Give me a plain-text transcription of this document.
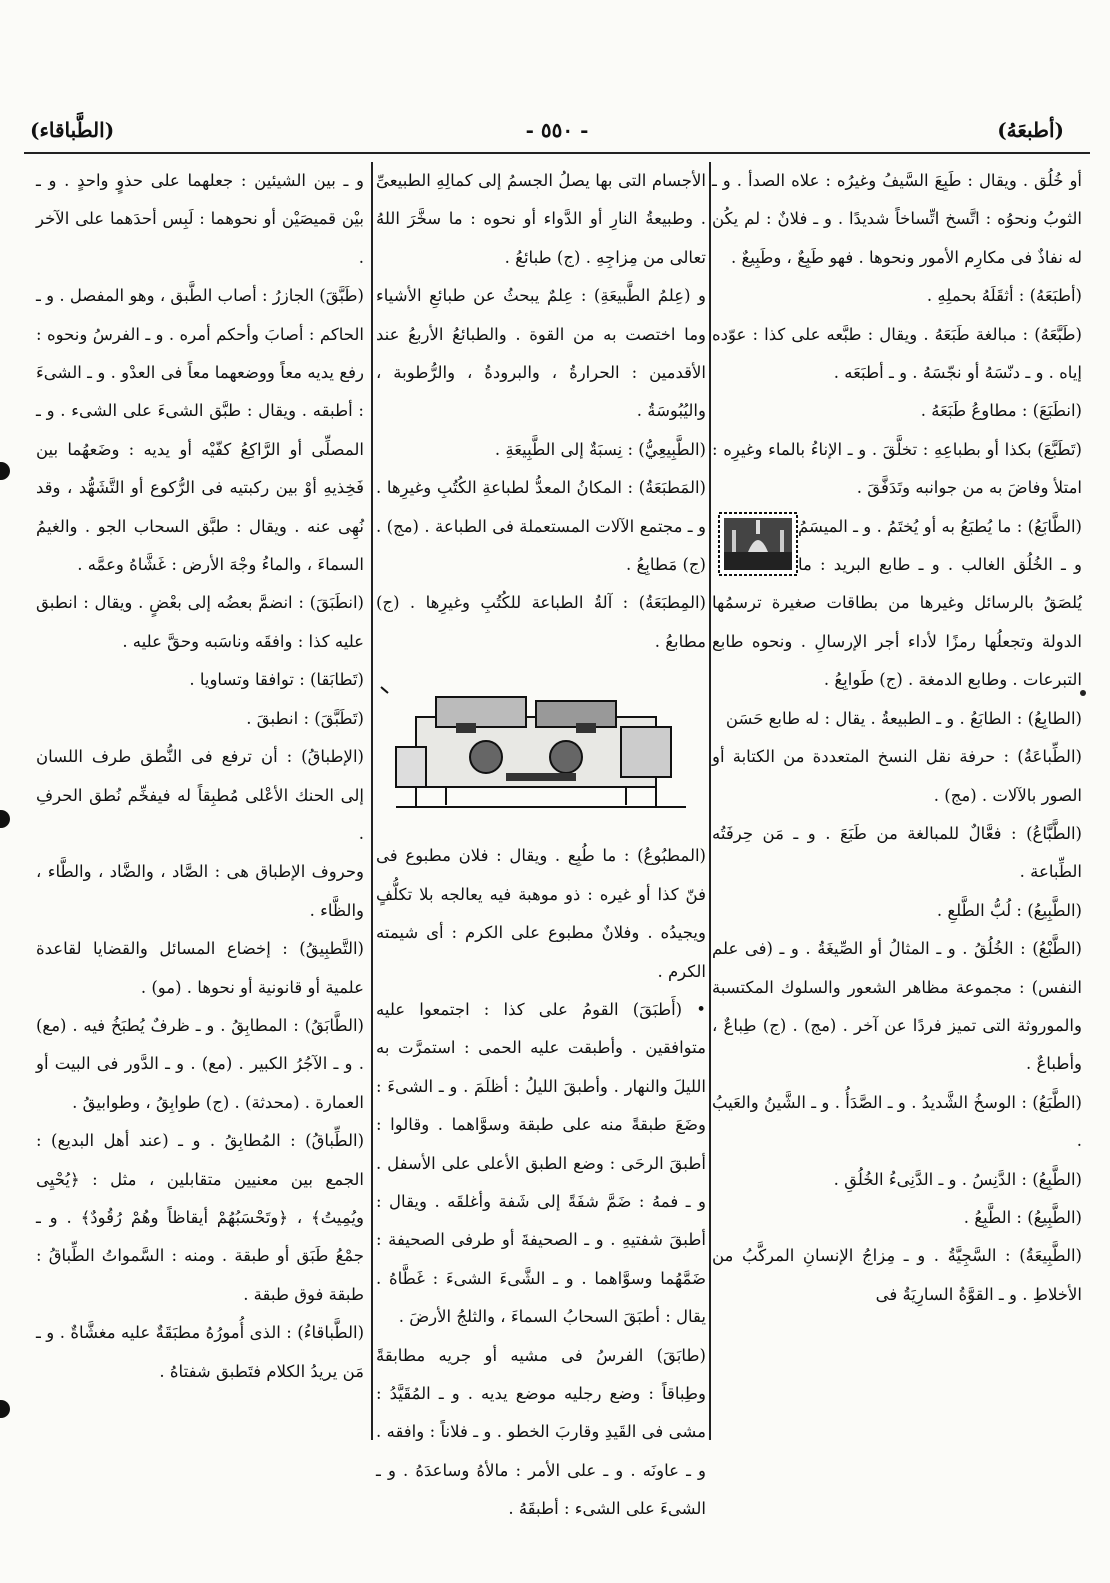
(أطبعَهُ)
- ٥٥٠ -
(الطَّباقاء)

أو خُلُق . ويقال : طَبِعَ السَّيفُ وغيرُه : علاه الصدأ . و ـ الثوبُ ونحوُه : اتَّسخ اتِّساخاً شديدًا . و ـ فلانٌ : لم يكُن له نفاذٌ فى مكارِم الأمور ونحوها . فهو طَبِعٌ ، وطَبِيعٌ .

(أطبَعَهُ) : أثقَلَهُ بحملِهِ .

(طَبَّعَهُ) : مبالغة طَبَعَهُ . ويقال : طبَّعه على كذا : عوّده إياه . و ـ دنّسَهُ أو نجّسَهُ . و ـ أطبَعَه .

(انطَبَعَ) : مطاوعُ طَبَعَهُ .

(تَطَبَّعَ) بكذا أو بطباعِهِ : تخلَّقَ . و ـ الإناءُ بالماء وغيرِه : امتلأ وفاضَ به من جوانبه وتَدَفَّقَ .

(الطَّابَعُ) : ما يُطبَعُ به أو يُختَمُ . و ـ الميسَمُ و ـ الخُلُق الغالب . و ـ طابع البريد : ما يُلصَقُ بالرسائل وغيرها من بطاقات صغيرة ترسمُها الدولة وتجعلُها رمزًا لأداء أجر الإرسالِ . ونحوه طابع التبرعات . وطابع الدمغة . (ج) طَوابِعُ .

(الطابِعُ) : الطابَعُ . و ـ الطبيعةُ . يقال : له طابع حَسَن

(الطِّباعَةُ) : حرفة نقل النسخ المتعددة من الكتابة أو الصور بالآلات . (مج) .

(الطَّبَّاعُ) : فعَّالٌ للمبالغة من طَبَعَ . و ـ مَن حِرفَتُه الطِّباعة .

(الطَّبِيعُ) : لُبُّ الطَّلعِ .

(الطَّبْعُ) : الخُلُقُ . و ـ المثالُ أو الصِّيغَةُ . و ـ (فى علم النفس) : مجموعة مظاهر الشعور والسلوك المكتسبة والموروثة التى تميز فردًا عن آخر . (مج) . (ج) طِباعٌ ، وأطباعٌ .

(الطَّبَعُ) : الوسخُ الشَّديدُ . و ـ الصَّدَأُ . و ـ الشَّينُ والعَيبُ .

(الطَّبِعُ) : الدَّنِسُ . و ـ الدَّنِىءُ الخُلُقِ .

(الطَّبِيعُ) : الطَّبِعُ .

(الطَّبِيعَةُ) : السَّجِيَّةُ . و ـ مِزاجُ الإنسانِ المركَّبُ من الأخلاطِ . و ـ القوَّةُ السارِيَةُ فى

الأجسام التى بها يصلُ الجسمُ إلى كمالِهِ الطبيعىِّ . وطبيعةُ النارِ أو الدَّواء أو نحوه : ما سخَّرَ اللهُ تعالى من مِزاجِهِ . (ج) طبائعُ .

و (عِلمُ الطَّبيعَةِ) : عِلمٌ يبحثُ عن طبائعِ الأشياء وما اختصت به من القوة . والطبائعُ الأربعُ عند الأقدمين : الحرارةُ ، والبرودةُ ، والرُّطوبة ، واليُبُوسَةُ .

(الطَّبِيعِيُّ) : نِسبَةٌ إلى الطَّبِيعَةِ .

(المَطبَعَةُ) : المكانُ المعدُّ لطباعةِ الكُتُبِ وغيرِها . و ـ مجتمع الآلات المستعملة فى الطباعة . (مج) . (ج) مَطابِعُ .

(المِطبَعَةُ) : آلةُ الطباعة للكُتُبِ وغيرِها . (ج) مطابعُ .

(المطبُوعُ) : ما طُبِع . ويقال : فلان مطبوع فى فنّ كذا أو غيره : ذو موهبة فيه يعالجه بلا تكلُّفٍ ويجيدُه . وفلانٌ مطبوع على الكرم : أى شيمته الكرم .

• (أَطبَقَ) القومُ على كذا : اجتمعوا عليه متوافقين . وأطبقت عليه الحمى : استمرَّت به الليلَ والنهار . وأطبقَ الليلُ : أظلَمَ . و ـ الشىءَ : وضَعَ طبقةً منه على طبقة وسوَّاهما . وقالوا : أطبقَ الرحَى : وضع الطبق الأعلى على الأسفل . و ـ فمهُ : ضَمَّ شفَةً إلى شَفة وأغلقَه . ويقال : أطبقَ شفتيهِ . و ـ الصحيفةَ أو طرفى الصحيفة : ضَمَّهُما وسوَّاهما . و ـ الشَّىءَ الشىءَ : غَطَّاهُ . يقال : أطبَقَ السحابُ السماءَ ، والثلجُ الأرضَ .

(طابَقَ) الفرسُ فى مشيه أو جريه مطابقةً وطِباقاً : وضع رجليه موضع يديه . و ـ المُقَيَّدُ : مشى فى القَيدِ وقاربَ الخطو . و ـ فلاناً : وافقه . و ـ عاونَه . و ـ على الأمر : مالأهُ وساعدَهُ . و ـ الشىءَ على الشىء : أطبقَهُ .

و ـ بين الشيئين : جعلهما على حذوٍ واحدٍ . و ـ بيْن قميصَيْن أو نحوهما : لَبِس أحدَهما على الآخر .

(طَبَّقَ) الجازرُ : أصاب الطَّبق ، وهو المفصل . و ـ الحاكم : أصابَ وأحكم أمره . و ـ الفرسُ ونحوه : رفع يديه معاً ووضعهما معاً فى العدْو . و ـ الشىءَ : أطبقه . ويقال : طبَّق الشىءَ على الشىء . و ـ المصلِّى أو الرَّاكِعُ كفّيْه أو يديه : وضَعهُما بين فَخِذيهِ أوْ بين ركبتيه فى الرُّكوع أو التَّشَهُّد ، وقد نُهِى عنه . ويقال : طبَّق السحاب الجو . والغيمُ السماءَ ، والماءُ وجْهَ الأرض : غَشَّاهُ وعمَّه .

(انطَبَقَ) : انضمَّ بعضُه إلى بعْضٍ . ويقال : انطبق عليه كذا : وافقَه وناسَبه وحقَّ عليه .

(تَطابَقا) : توافقا وتساويا .

(تَطَبَّقَ) : انطبقَ .

(الإطباقُ) : أن ترفع فى النُّطق طرف اللسان إلى الحنك الأعْلى مُطبِقاً له فيفخِّم نُطق الحرفِ .

وحروف الإطباق هى : الصَّاد ، والضَّاد ، والطَّاء ، والظَّاء .

(التَّطبِيقُ) : إخضاع المسائل والقضايا لقاعدة علمية أو قانونية أو نحوها . (مو) .

(الطَّابَقُ) : المطابِقُ . و ـ ظرفٌ يُطبَخُ فيه . (مع) . و ـ الآجُرُ الكبير . (مع) . و ـ الدَّور فى البيت أو العمارة . (محدثة) . (ج) طوابِقُ ، وطوابيقُ .

(الطِّباقُ) : المُطابِقُ . و ـ (عند أهل البديع) : الجمع بين معنيين متقابلين ، مثل : ﴿يُحْيِى ويُمِيتُ﴾ ، ﴿وتَحْسَبُهُمْ أيقاظاً وهُمْ رُقُودٌ﴾ . و ـ جمْعُ طَبَق أو طبقة . ومنه : السَّمواتُ الطِّباقُ : طبقة فوق طبقة .

(الطَّباقاءُ) : الذى أُمورُهُ مطبَقَةٌ عليه مغشَّاةٌ . و ـ مَن يريدُ الكلام فتَطبق شفتاهُ .
